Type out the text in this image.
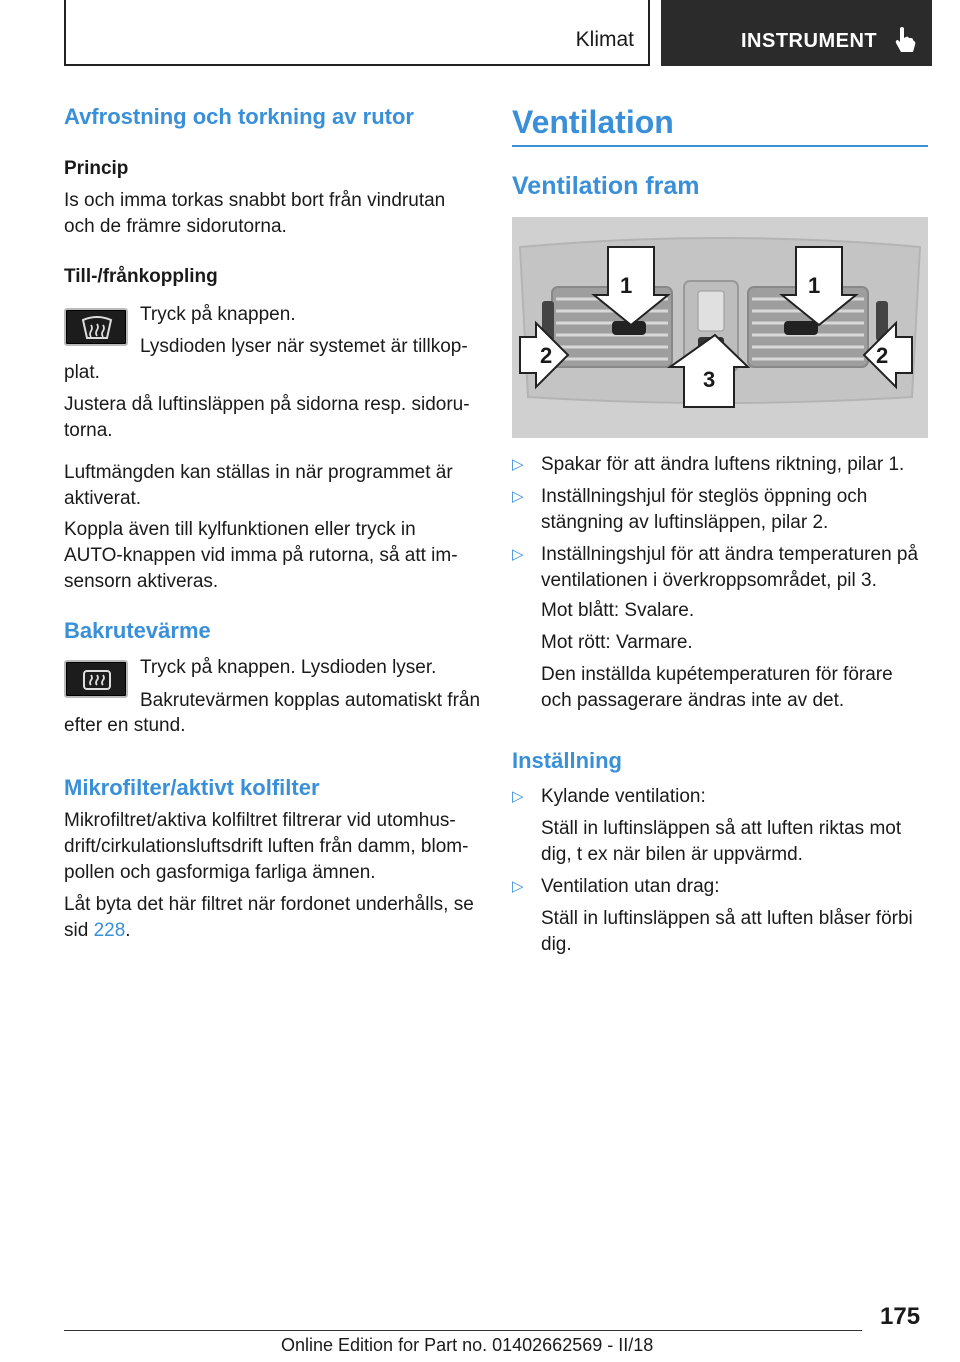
Klimat	INSTRUMENT
Avfrostning och torkning av rutor
Princip
Is och imma torkas snabbt bort från vindrutan
och de främre sidorutorna.
Till-/frånkoppling
Tryck på knappen.
Lysdioden lyser när systemet är tillkop-
plat.
Justera då luftinsläppen på sidorna resp. sidoru-
torna.
Luftmängden kan ställas in när programmet är
aktiverat.
Koppla även till kylfunktionen eller tryck in
AUTO-knappen vid imma på rutorna, så att im-
sensorn aktiveras.
Bakrutevärme
Tryck på knappen. Lysdioden lyser.
Bakrutevärmen kopplas automatiskt från
efter en stund.
Mikrofilter/aktivt kolfilter
Mikrofiltret/aktiva kolfiltret filtrerar vid utomhus-
drift/cirkulationsluftsdrift luften från damm, blom-
pollen och gasformiga farliga ämnen.
Låt byta det här filtret när fordonet underhålls, se
sid 228.
Ventilation
Ventilation fram
1	1
2	2
3
▷ Spakar för att ändra luftens riktning, pilar 1.
▷ Inställningshjul för steglös öppning och
stängning av luftinsläppen, pilar 2.
▷ Inställningshjul för att ändra temperaturen på
ventilationen i överkroppsområdet, pil 3.
Mot blått: Svalare.
Mot rött: Varmare.
Den inställda kupétemperaturen för förare
och passagerare ändras inte av det.
Inställning
▷ Kylande ventilation:
Ställ in luftinsläppen så att luften riktas mot
dig, t ex när bilen är uppvärmd.
▷ Ventilation utan drag:
Ställ in luftinsläppen så att luften blåser förbi
dig.
175
Online Edition for Part no. 01402662569 - II/18
